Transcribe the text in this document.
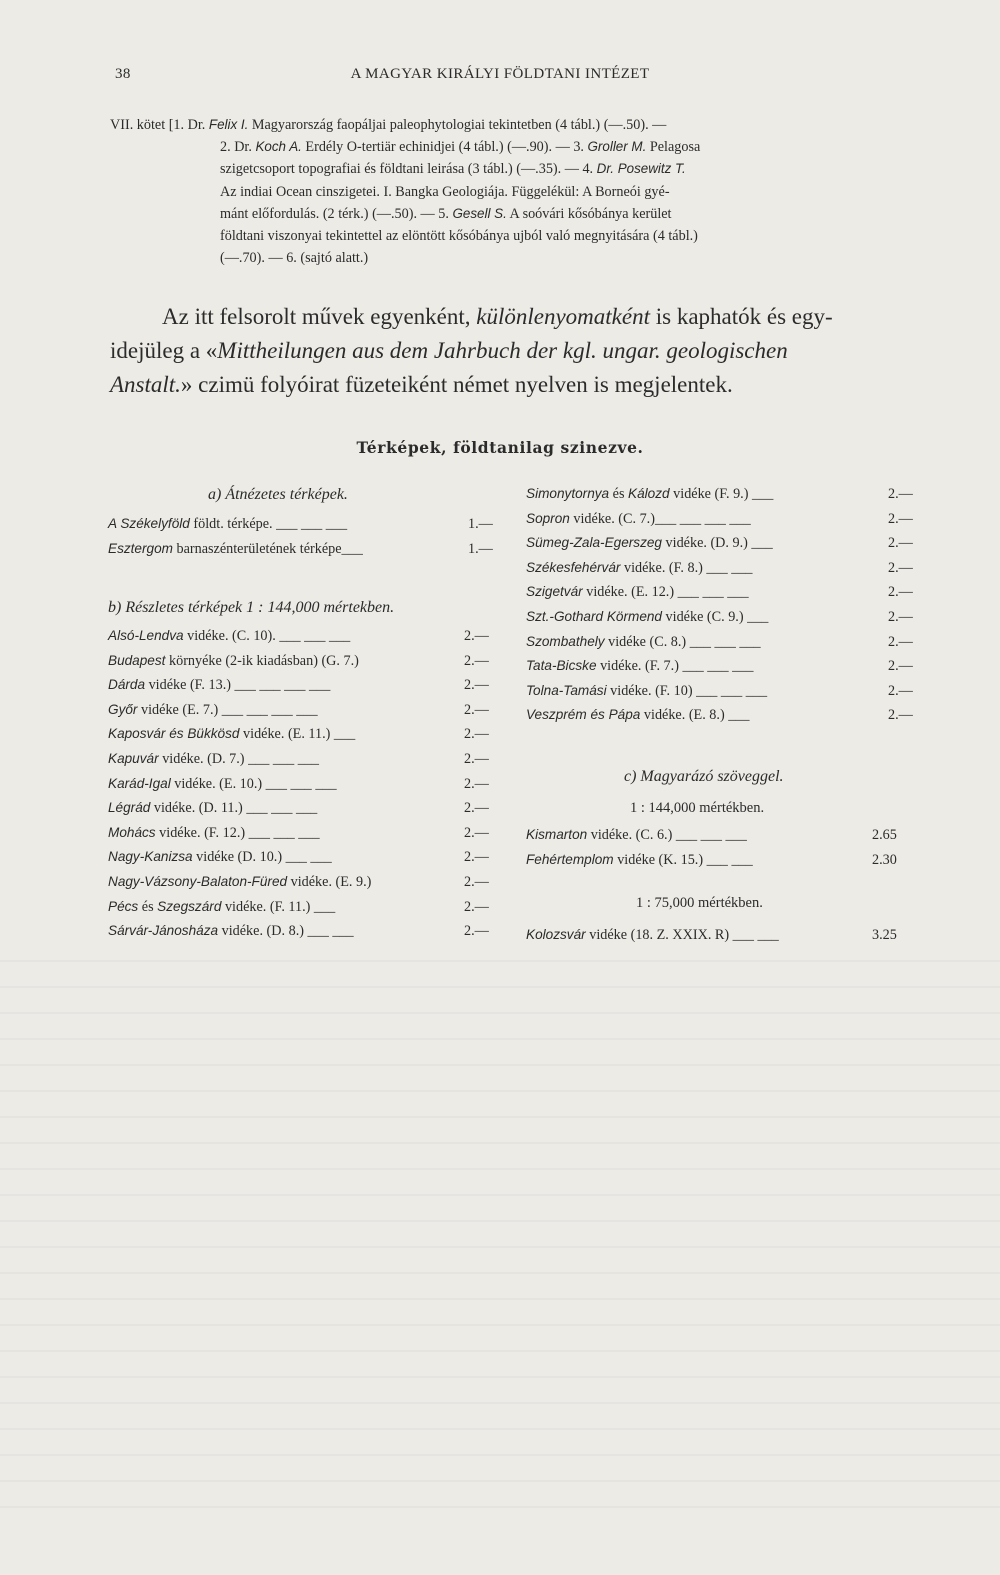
38	A MAGYAR KIRÁLYI FÖLDTANI INTÉZET
VII. kötet [1. Dr. Felix I. Magyarország faopáljai paleophytologiai tekintetben (4 tábl.) (—.50). —
2. Dr. Koch A. Erdély O-tertiär echinidjei (4 tábl.) (—.90). — 3. Groller M. Pelagosa
szigetcsoport topografiai és földtani leirása (3 tábl.) (—.35). — 4. Dr. Posewitz T.
Az indiai Ocean cinszigetei. I. Bangka Geologiája. Függelékül: A Borneói gyé-
mánt előfordulás. (2 térk.) (—.50). — 5. Gesell S. A soóvári kősóbánya kerület
földtani viszonyai tekintettel az elöntött kősóbánya ujból való megnyitására (4 tábl.)
(—.70). — 6. (sajtó alatt.)
Az itt felsorolt művek egyenként, különlenyomatként is kaphatók és egy-
idejüleg a «Mittheilungen aus dem Jahrbuch der kgl. ungar. geologischen
Anstalt.» czimü folyóirat füzeteiként német nyelven is megjelentek.
Térképek, földtanilag szinezve.
a) Átnézetes térképek.
A Székelyföld földt. térképe. ___ ___ ___	1.—
Esztergom barnaszénterületének térképe___	1.—
b) Részletes térképek 1 : 144,000 mértekben.
Alsó-Lendva vidéke. (C. 10). ___ ___ ___	2.—
Budapest környéke (2-ik kiadásban) (G. 7.)	2.—
Dárda vidéke (F. 13.) ___ ___ ___ ___	2.—
Győr vidéke (E. 7.) ___ ___ ___ ___	2.—
Kaposvár és Bükkösd vidéke. (E. 11.) ___	2.—
Kapuvár vidéke. (D. 7.) ___ ___ ___	2.—
Karád-Igal vidéke. (E. 10.) ___ ___ ___	2.—
Légrád vidéke. (D. 11.) ___ ___ ___	2.—
Mohács vidéke. (F. 12.) ___ ___ ___	2.—
Nagy-Kanizsa vidéke (D. 10.) ___ ___	2.—
Nagy-Vázsony-Balaton-Füred vidéke. (E. 9.)	2.—
Pécs és Szegszárd vidéke. (F. 11.) ___	2.—
Sárvár-Jánosháza vidéke. (D. 8.) ___ ___	2.—
Simonytornya és Kálozd vidéke (F. 9.) ___	2.—
Sopron vidéke. (C. 7.)___ ___ ___ ___	2.—
Sümeg-Zala-Egerszeg vidéke. (D. 9.) ___	2.—
Székesfehérvár vidéke. (F. 8.) ___ ___	2.—
Szigetvár vidéke. (E. 12.) ___ ___ ___	2.—
Szt.-Gothard Körmend vidéke (C. 9.) ___	2.—
Szombathely vidéke (C. 8.) ___ ___ ___	2.—
Tata-Bicske vidéke. (F. 7.) ___ ___ ___	2.—
Tolna-Tamási vidéke. (F. 10) ___ ___ ___	2.—
Veszprém és Pápa vidéke. (E. 8.) ___	2.—
c) Magyarázó szöveggel.
1 : 144,000 mértékben.
Kismarton vidéke. (C. 6.) ___ ___ ___	2.65
Fehértemplom vidéke (K. 15.) ___ ___	2.30
1 : 75,000 mértékben.
Kolozsvár vidéke (18. Z. XXIX. R) ___ ___	3.25
